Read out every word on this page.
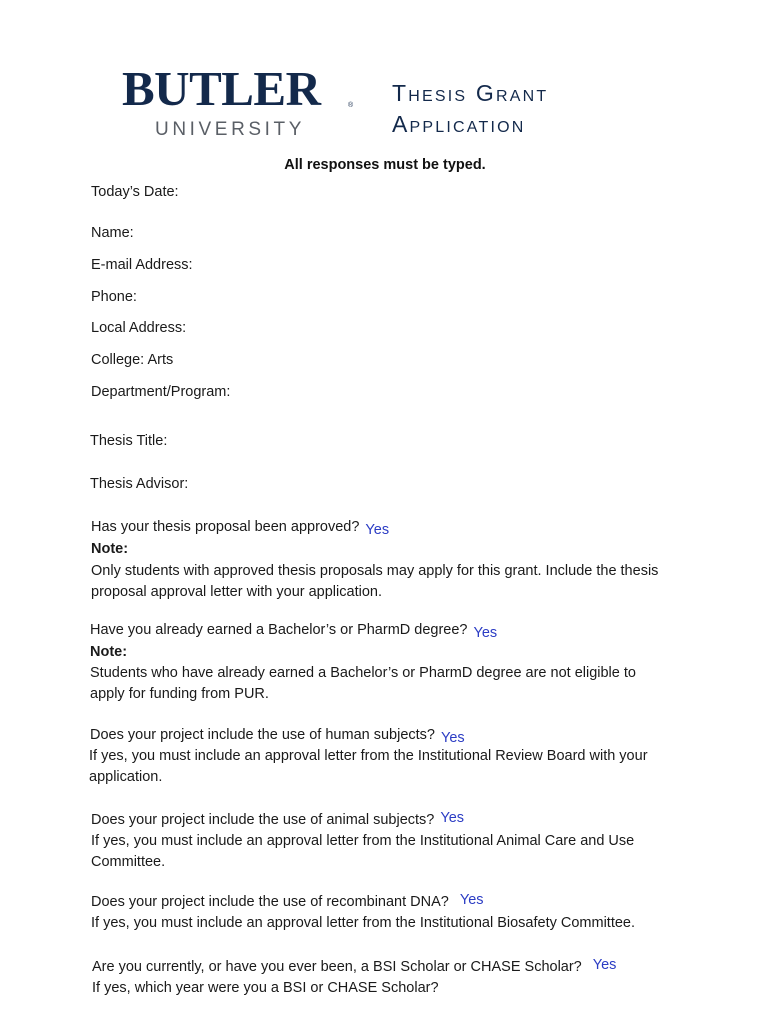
BUTLER	®
UNIVERSITY
Thesis Grant
Application
All responses must be typed.
Today’s Date:
Name:
E-mail Address:
Phone:
Local Address:
College: Arts
Department/Program:
Thesis Title:
Thesis Advisor:
Has your thesis proposal been approved? Yes
Note:
Only students with approved thesis proposals may apply for this grant. Include the thesis
proposal approval letter with your application.
Have you already earned a Bachelor’s or PharmD degree? Yes
Note:
Students who have already earned a Bachelor’s or PharmD degree are not eligible to
apply for funding from PUR.
Does your project include the use of human subjects? Yes
If yes, you must include an approval letter from the Institutional Review Board with your
application.
Does your project include the use of animal subjects? Yes
If yes, you must include an approval letter from the Institutional Animal Care and Use
Committee.
Does your project include the use of recombinant DNA? Yes
If yes, you must include an approval letter from the Institutional Biosafety Committee.
Are you currently, or have you ever been, a BSI Scholar or CHASE Scholar? Yes
If yes, which year were you a BSI or CHASE Scholar?
